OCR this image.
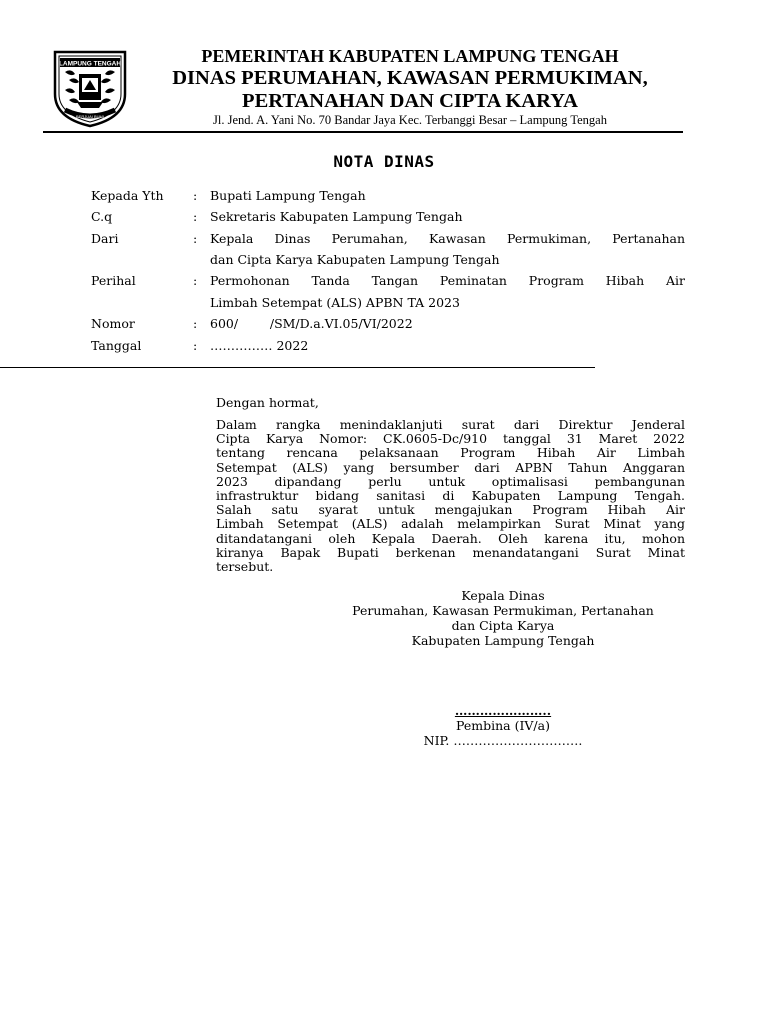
LAMPUNG TENGAH
BERJUAI BUMI
PEMERINTAH KABUPATEN LAMPUNG TENGAH
DINAS PERUMAHAN, KAWASAN PERMUKIMAN,
PERTANAHAN DAN CIPTA KARYA
Jl. Jend. A. Yani No. 70 Bandar Jaya Kec. Terbanggi Besar – Lampung Tengah
NOTA DINAS
Kepada Yth : Bupati Lampung Tengah
C.q	: Sekretaris Kabupaten Lampung Tengah
Dari	: Kepala Dinas Perumahan, Kawasan Permukiman, Pertanahan
dan Cipta Karya Kabupaten Lampung Tengah
Perihal	: Permohonan Tanda Tangan Peminatan Program Hibah Air
Limbah Setempat (ALS) APBN TA 2023
Nomor	: 600/        /SM/D.a.VI.05/VI/2022
Tanggal	: …………… 2022
Dengan hormat,
Dalam rangka menindaklanjuti surat dari Direktur Jenderal
Cipta Karya Nomor: CK.0605-Dc/910 tanggal 31 Maret 2022
tentang rencana pelaksanaan Program Hibah Air Limbah
Setempat (ALS) yang bersumber dari APBN Tahun Anggaran
2023 dipandang perlu untuk optimalisasi pembangunan
infrastruktur bidang sanitasi di Kabupaten Lampung Tengah.
Salah satu syarat untuk mengajukan Program Hibah Air
Limbah Setempat (ALS) adalah melampirkan Surat Minat yang
ditandatangani oleh Kepala Daerah. Oleh karena itu, mohon
kiranya Bapak Bupati berkenan menandatangani Surat Minat
tersebut.
Kepala Dinas
Perumahan, Kawasan Permukiman, Pertanahan
dan Cipta Karya
Kabupaten Lampung Tengah
…………………..
Pembina (IV/a)
NIP. ………………………….
